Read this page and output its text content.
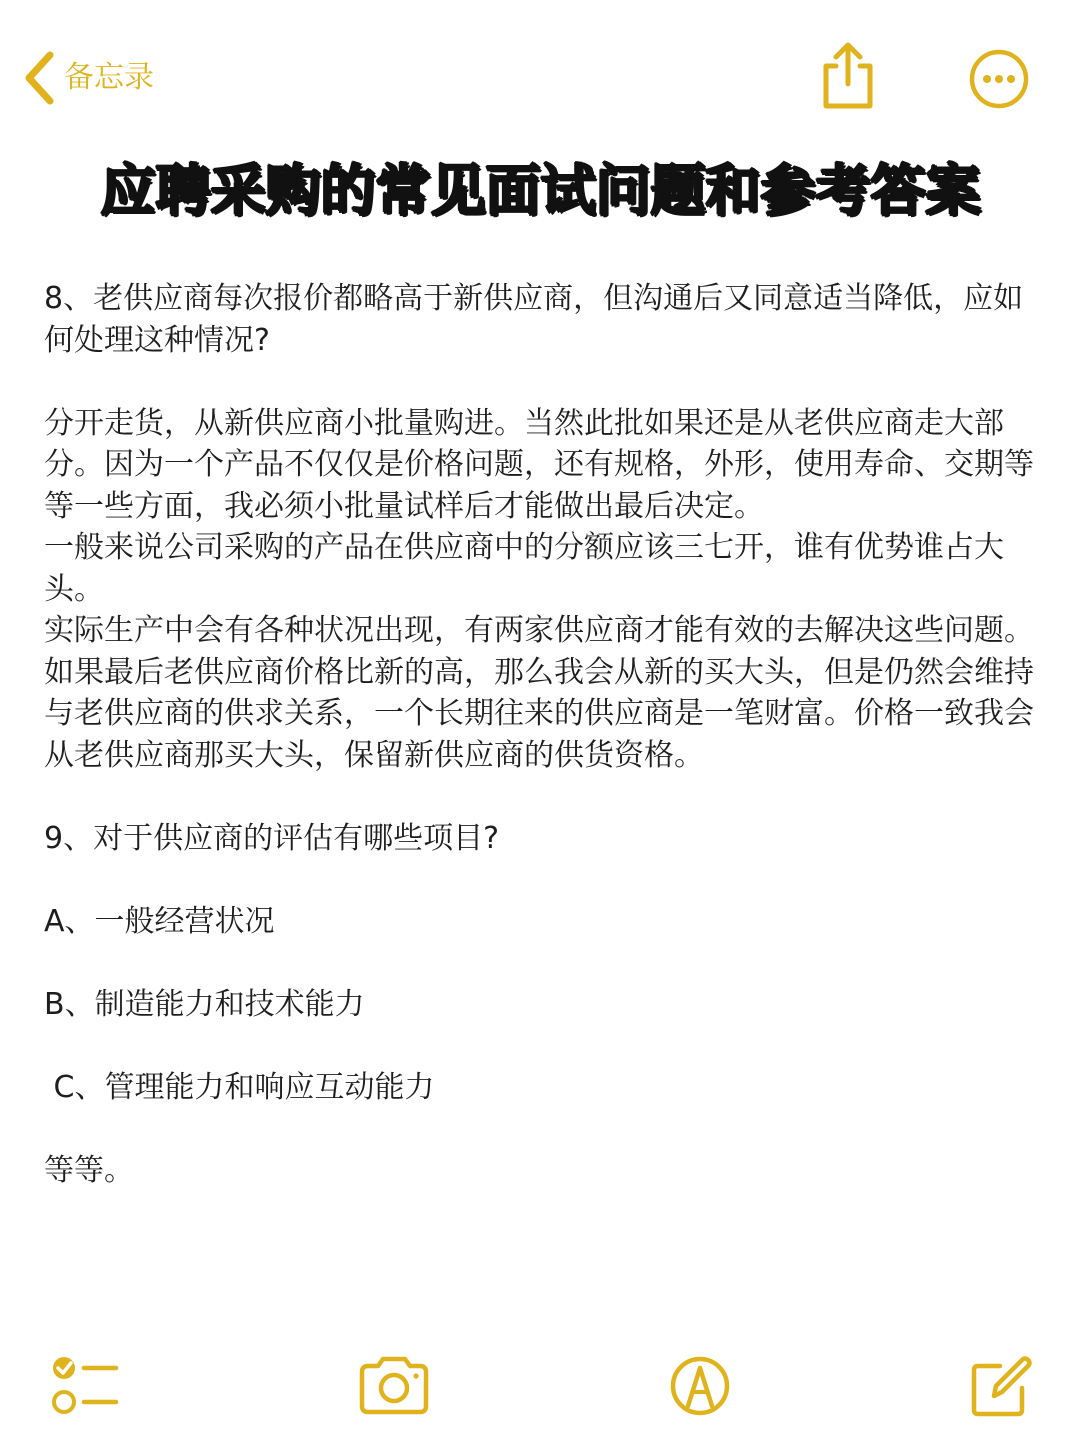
备忘录
应聘采购的常见面试问题和参考答案

8、老供应商每次报价都略高于新供应商，但沟通后又同意适当降低，应如何处理这种情况?

分开走货，从新供应商小批量购进。当然此批如果还是从老供应商走大部分。因为一个产品不仅仅是价格问题，还有规格，外形，使用寿命、交期等等一些方面，我必须小批量试样后才能做出最后决定。

一般来说公司采购的产品在供应商中的分额应该三七开，谁有优势谁占大头。

实际生产中会有各种状况出现，有两家供应商才能有效的去解决这些问题。如果最后老供应商价格比新的高，那么我会从新的买大头，但是仍然会维持与老供应商的供求关系，一个长期往来的供应商是一笔财富。价格一致我会从老供应商那买大头，保留新供应商的供货资格。

9、对于供应商的评估有哪些项目?

A、一般经营状况

B、制造能力和技术能力

C、管理能力和响应互动能力

等等。
